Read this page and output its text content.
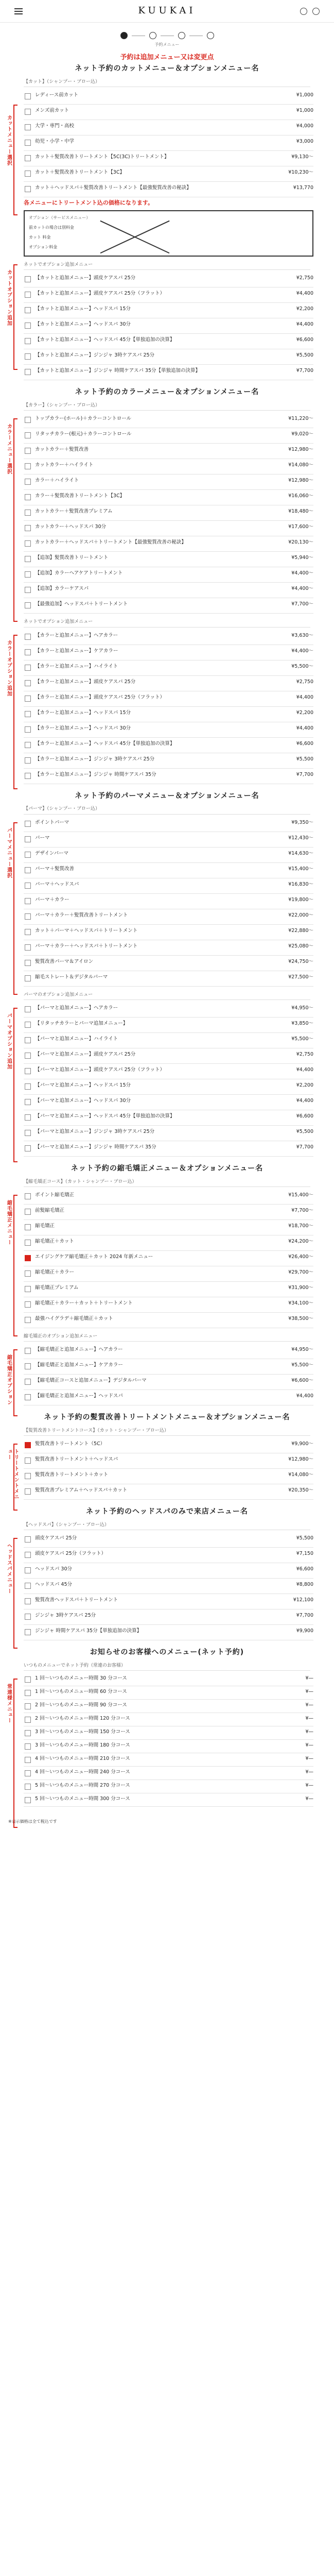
KUUKAI
予約メニュー
予約は追加メニュー又は変更点
ネット予約のカットメニュー＆オプションメニュー名
【カット】（シャンプー・ブロー込）
カットメニュー選択
レディース前カット	¥1,000
メンズ前カット	¥1,000
大学・専門・高校	¥4,000
幼児・小学・中学	¥3,000
カット＋髪質改善トリートメント【5C(3C)トリートメント】	¥9,130〜
カット＋髪質改善トリートメント【3C】	¥10,230〜
カット＋ヘッドスパ＋髪質改善トリートメント【最強髪質改善の秘訣】	¥13,770
各メニューにトリートメント込の価格になります。
オプション（サービスメニュー）
前カットの場合は別料金
カット 料金
オプション料金
ネットでオプション追加メニュー
カットオプション追加	【カットと追加メニュー】頭皮ケアスパ 25分	¥2,750
【カットと追加メニュー】頭皮ケアスパ 25分（フラット）	¥4,400
【カットと追加メニュー】ヘッドスパ 15分	¥2,200
【カットと追加メニュー】ヘッドスパ 30分	¥4,400
【カットと追加メニュー】ヘッドスパ 45分【単独追加の決算】	¥6,600
【カットと追加メニュー】ジンジャ 3時ケアスパ 25分	¥5,500
【カットと追加メニュー】ジンジャ 時間ケアスパ 35分【単独追加の決算】	¥7,700
ネット予約のカラーメニュー＆オプションメニュー名
【カラー】（シャンプー・ブロー込）
カラーメニュー選択
トップカラー(ホール)＋カラーコントロール	¥11,220〜
リタッチカラー(根元)＋カラーコントロール	¥9,020〜
カットカラー＋髪質改善	¥12,980〜
カットカラー＋ハイライト	¥14,080〜
カラー＋ハイライト	¥12,980〜
カラー＋髪質改善トリートメント【3C】	¥16,060〜
カットカラー＋髪質改善プレミアム	¥18,480〜
カットカラー＋ヘッドスパ 30分	¥17,600〜
カットカラー＋ヘッドスパ＋トリートメント【最強髪質改善の秘訣】	¥20,130〜
【追加】髪質改善トリートメント	¥5,940〜
【追加】カラーヘアケアトリートメント	¥4,400〜
【追加】カラーケアスパ	¥4,400〜
【最強追加】ヘッドスパ＋トリートメント	¥7,700〜
ネットでオプション追加メニュー
カラーオプション追加
【カラーと追加メニュー】ヘアカラー	¥3,630〜
【カラーと追加メニュー】ケアカラー	¥4,400〜
【カラーと追加メニュー】ハイライト	¥5,500〜
【カラーと追加メニュー】頭皮ケアスパ 25分	¥2,750
【カラーと追加メニュー】頭皮ケアスパ 25分（フラット）	¥4,400
【カラーと追加メニュー】ヘッドスパ 15分	¥2,200
【カラーと追加メニュー】ヘッドスパ 30分	¥4,400
【カラーと追加メニュー】ヘッドスパ 45分【単独追加の決算】	¥6,600
【カラーと追加メニュー】ジンジャ 3時ケアスパ 25分	¥5,500
【カラーと追加メニュー】ジンジャ 時間ケアスパ 35分	¥7,700
ネット予約のパーマメニュー＆オプションメニュー名
【パーマ】（シャンプー・ブロー込）
パーマメニュー選択
ポイントパーマ	¥9,350〜
パーマ	¥12,430〜
デザインパーマ	¥14,630〜
パーマ＋髪質改善	¥15,400〜
パーマ＋ヘッドスパ	¥16,830〜
パーマ＋カラー	¥19,800〜
パーマ＋カラー＋髪質改善トリートメント	¥22,000〜
カット＋パーマ＋ヘッドスパ＋トリートメント	¥22,880〜
パーマ＋カラー＋ヘッドスパ＋トリートメント	¥25,080〜
髪質改善パーマ＆アイロン	¥24,750〜
縮毛ストレート＆デジタルパーマ	¥27,500〜
パーマのオプション追加メニュー
パーマオプション追加
【パーマと追加メニュー】ヘアカラー	¥4,950〜
【リタッチカラーとパーマ追加メニュー】	¥3,850〜
【パーマと追加メニュー】ハイライト	¥5,500〜
【パーマと追加メニュー】頭皮ケアスパ 25分	¥2,750
【パーマと追加メニュー】頭皮ケアスパ 25分（フラット）	¥4,400
【パーマと追加メニュー】ヘッドスパ 15分	¥2,200
【パーマと追加メニュー】ヘッドスパ 30分	¥4,400
【パーマと追加メニュー】ヘッドスパ 45分【単独追加の決算】	¥6,600
【パーマと追加メニュー】ジンジャ 3時ケアスパ 25分	¥5,500
【パーマと追加メニュー】ジンジャ 時間ケアスパ 35分	¥7,700
ネット予約の縮毛矯正メニュー＆オプションメニュー名
【縮毛矯正コース】（カット・シャンプー・ブロー込）
縮毛矯正メニュー
ポイント縮毛矯正	¥15,400〜
前髪縮毛矯正	¥7,700〜
縮毛矯正	¥18,700〜
縮毛矯正＋カット	¥24,200〜
エイジングケア縮毛矯正＋カット 2024 年新メニュー	¥26,400〜
縮毛矯正＋カラー	¥29,700〜
縮毛矯正プレミアム	¥31,900〜
縮毛矯正＋カラー＋カット＋トリートメント	¥34,100〜
最強ハイグラデ＋縮毛矯正＋カット	¥38,500〜
縮毛矯正のオプション追加メニュー
縮毛矯正オプション
【縮毛矯正と追加メニュー】ヘアカラー	¥4,950〜
【縮毛矯正と追加メニュー】ケアカラー	¥5,500〜
【縮毛矯正コースと追加メニュー】デジタルパーマ	¥6,600〜
【縮毛矯正と追加メニュー】ヘッドスパ	¥4,400
ネット予約の髪質改善トリートメントメニュー＆オプションメニュー名
【髪質改善トリートメントコース】（カット・シャンプー・ブロー込）
トリートメントメニュー
髪質改善トリートメント（5C）	¥9,900〜
髪質改善トリートメント＋ヘッドスパ	¥12,980〜
髪質改善トリートメント＋カット	¥14,080〜
髪質改善プレミアム＋ヘッドスパ＋カット	¥20,350〜
ネット予約のヘッドスパのみで来店メニュー名
【ヘッドスパ】（シャンプー・ブロー込）
ヘッドスパメニュー
頭皮ケアスパ 25分	¥5,500
頭皮ケアスパ 25分（フラット）	¥7,150
ヘッドスパ 30分	¥6,600
ヘッドスパ 45分	¥8,800
髪質改善ヘッドスパ＋トリートメント	¥12,100
ジンジャ 3時ケアスパ 25分	¥7,700
ジンジャ 時間ケアスパ 35分【単独追加の決算】	¥9,900
お知らせのお客様へのメニュー(ネット予約)
いつものメニューでネット予約（常連のお客様）
常連様メニュー
1 回〜いつものメニュー時間 30 分コース	¥—
1 回〜いつものメニュー時間 60 分コース	¥—
2 回〜いつものメニュー時間 90 分コース	¥—
2 回〜いつものメニュー時間 120 分コース	¥—
3 回〜いつものメニュー時間 150 分コース	¥—
3 回〜いつものメニュー時間 180 分コース	¥—
4 回〜いつものメニュー時間 210 分コース	¥—
4 回〜いつものメニュー時間 240 分コース	¥—
5 回〜いつものメニュー時間 270 分コース	¥—
5 回〜いつものメニュー時間 300 分コース	¥—
※表示価格は全て税込です
